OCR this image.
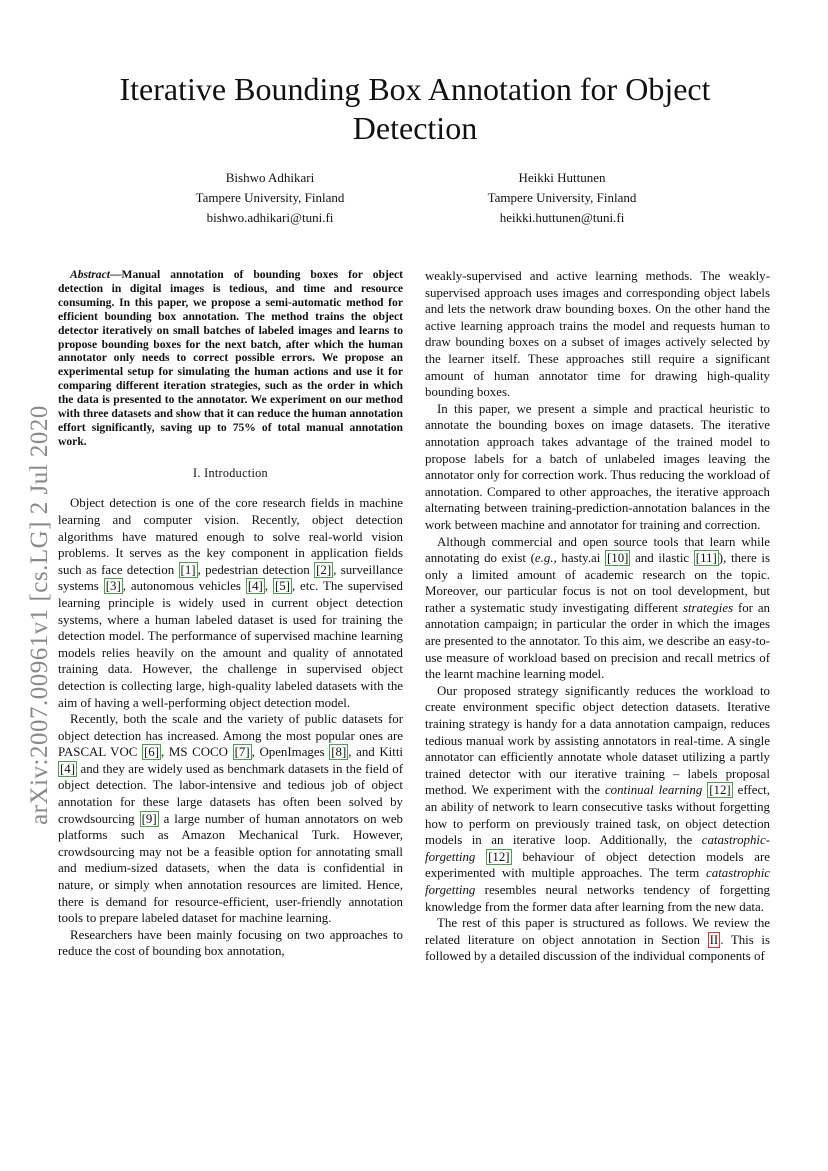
arXiv:2007.00961v1 [cs.LG] 2 Jul 2020
Iterative Bounding Box Annotation for Object Detection
Bishwo Adhikari
Tampere University, Finland
bishwo.adhikari@tuni.fi
Heikki Huttunen
Tampere University, Finland
heikki.huttunen@tuni.fi

Abstract—Manual annotation of bounding boxes for object detection in digital images is tedious, and time and resource consuming. In this paper, we propose a semi-automatic method for efficient bounding box annotation. The method trains the object detector iteratively on small batches of labeled images and learns to propose bounding boxes for the next batch, after which the human annotator only needs to correct possible errors. We propose an experimental setup for simulating the human actions and use it for comparing different iteration strategies, such as the order in which the data is presented to the annotator. We experiment on our method with three datasets and show that it can reduce the human annotation effort significantly, saving up to 75% of total manual annotation work.

I. Introduction

Object detection is one of the core research fields in machine learning and computer vision. Recently, object detection algorithms have matured enough to solve real-world vision problems. It serves as the key component in application fields such as face detection [1] , pedestrian detection [2] , surveillance systems [3] , autonomous vehicles [4] , [5] , etc. The supervised learning principle is widely used in current object detection systems, where a human labeled dataset is used for training the detection model. The performance of supervised machine learning models relies heavily on the amount and quality of annotated training data. However, the challenge in supervised object detection is collecting large, high-quality labeled datasets with the aim of having a well-performing object detection model.

Recently, both the scale and the variety of public datasets for object detection has increased. Among the most popular ones are PASCAL VOC [6] , MS COCO [7] , OpenImages [8] , and Kitti [4] and they are widely used as benchmark datasets in the field of object detection. The labor-intensive and tedious job of object annotation for these large datasets has often been solved by crowdsourcing [9] a large number of human annotators on web platforms such as Amazon Mechanical Turk. However, crowdsourcing may not be a feasible option for annotating small and medium-sized datasets, when the data is confidential in nature, or simply when annotation resources are limited. Hence, there is demand for resource-efficient, user-friendly annotation tools to prepare labeled dataset for machine learning.

Researchers have been mainly focusing on two approaches to reduce the cost of bounding box annotation,

weakly-supervised and active learning methods. The weakly-supervised approach uses images and corresponding object labels and lets the network draw bounding boxes. On the other hand the active learning approach trains the model and requests human to draw bounding boxes on a subset of images actively selected by the learner itself. These approaches still require a significant amount of human annotator time for drawing high-quality bounding boxes.

In this paper, we present a simple and practical heuristic to annotate the bounding boxes on image datasets. The iterative annotation approach takes advantage of the trained model to propose labels for a batch of unlabeled images leaving the annotator only for correction work. Thus reducing the workload of annotation. Compared to other approaches, the iterative approach alternating between training-prediction-annotation balances in the work between machine and annotator for training and correction.

Although commercial and open source tools that learn while annotating do exist (e.g., hasty.ai [10] and ilastic [11] ), there is only a limited amount of academic research on the topic. Moreover, our particular focus is not on tool development, but rather a systematic study investigating different strategies for an annotation campaign; in particular the order in which the images are presented to the annotator. To this aim, we describe an easy-to-use measure of workload based on precision and recall metrics of the learnt machine learning model.

Our proposed strategy significantly reduces the workload to create environment specific object detection datasets. Iterative training strategy is handy for a data annotation campaign, reduces tedious manual work by assisting annotators in real-time. A single annotator can efficiently annotate whole dataset utilizing a partly trained detector with our iterative training – labels proposal method. We experiment with the continual learning [12] effect, an ability of network to learn consecutive tasks without forgetting how to perform on previously trained task, on object detection models in an iterative loop. Additionally, the catastrophic-forgetting [12] behaviour of object detection models are experimented with multiple approaches. The term catastrophic forgetting resembles neural networks tendency of forgetting knowledge from the former data after learning from the new data.

The rest of this paper is structured as follows. We review the related literature on object annotation in Section II . This is followed by a detailed discussion of the individual components of
